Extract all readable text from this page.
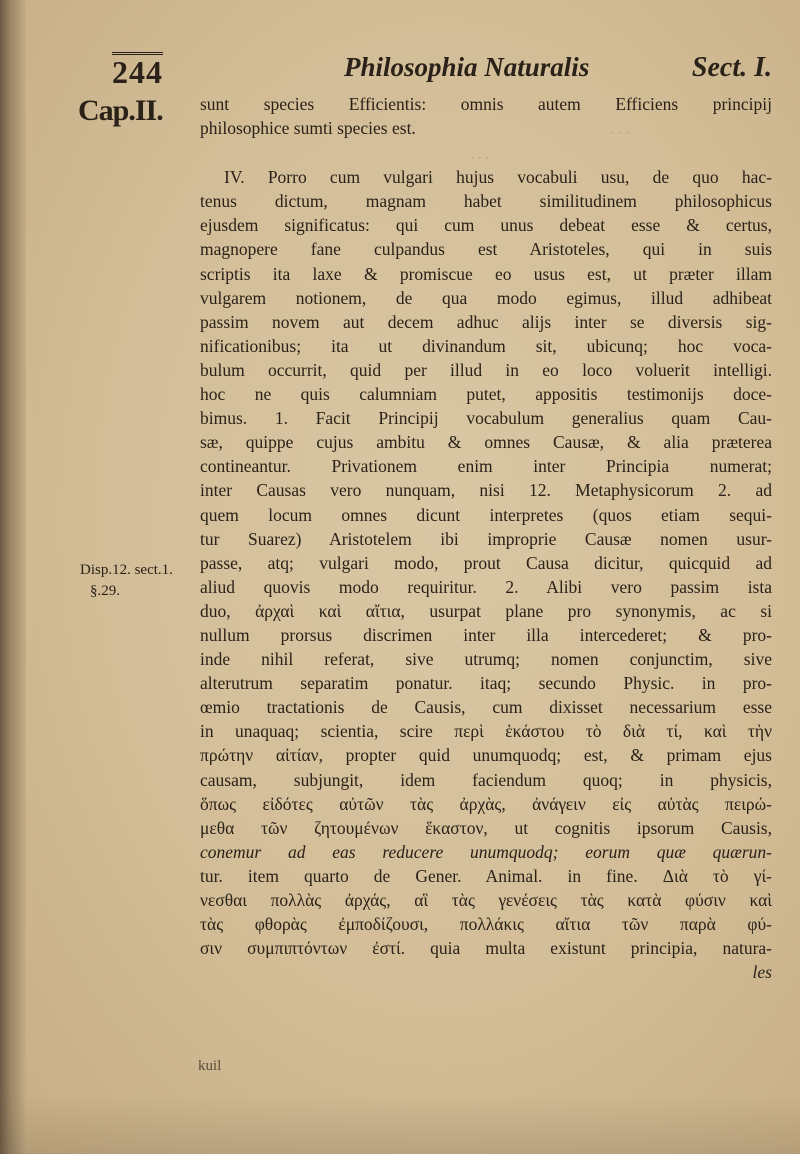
244	Philosophia Naturalis	Sect. I.
Cap.II.
Disp.12. sect.1.
§.29.
· · ·
· · ·
sunt species Efficientis: omnis autem Efficiens principij
philosophice sumti species est.
IV. Porro cum vulgari hujus vocabuli usu, de quo hac-
tenus dictum, magnam habet similitudinem philosophicus
ejusdem significatus: qui cum unus debeat esse & certus,
magnopere fane culpandus est Aristoteles, qui in suis
scriptis ita laxe & promiscue eo usus est, ut præter illam
vulgarem notionem, de qua modo egimus, illud adhibeat
passim novem aut decem adhuc alijs inter se diversis sig-
nificationibus; ita ut divinandum sit, ubicunq; hoc voca-
bulum occurrit, quid per illud in eo loco voluerit intelligi.
hoc ne quis calumniam putet, appositis testimonijs doce-
bimus. 1. Facit Principij vocabulum generalius quam Cau-
sæ, quippe cujus ambitu & omnes Causæ, & alia præterea
contineantur. Privationem enim inter Principia numerat;
inter Causas vero nunquam, nisi 12. Metaphysicorum 2. ad
quem locum omnes dicunt interpretes (quos etiam sequi-
tur Suarez) Aristotelem ibi improprie Causæ nomen usur-
passe, atq; vulgari modo, prout Causa dicitur, quicquid ad
aliud quovis modo requiritur. 2. Alibi vero passim ista
duo, ἀρχαὶ καὶ αἴτια, usurpat plane pro synonymis, ac si
nullum prorsus discrimen inter illa intercederet; & pro-
inde nihil referat, sive utrumq; nomen conjunctim, sive
alterutrum separatim ponatur. itaq; secundo Physic. in pro-
œmio tractationis de Causis, cum dixisset necessarium esse
in unaquaq; scientia, scire περὶ ἑκάστου τὸ διὰ τί, καὶ τὴν
πρώτην αἰτίαν, propter quid unumquodq; est, & primam ejus
causam, subjungit, idem faciendum quoq; in physicis,
ὅπως εἰδότες αὐτῶν τὰς ἀρχὰς, ἀνάγειν εἰς αὐτὰς πειρώ-
μεθα τῶν ζητουμένων ἕκαστον, ut cognitis ipsorum Causis,
conemur ad eas reducere unumquodq; eorum quæ quærun-
tur. item quarto de Gener. Animal. in fine. Διὰ τὸ γί-
νεσθαι πολλὰς ἀρχάς, αἳ τὰς γενέσεις τὰς κατὰ φύσιν καὶ
τὰς φθορὰς ἐμποδίζουσι, πολλάκις αἴτια τῶν παρὰ φύ-
σιν συμπιπτόντων ἐστί. quia multa existunt principia, natura-
les
kuil
